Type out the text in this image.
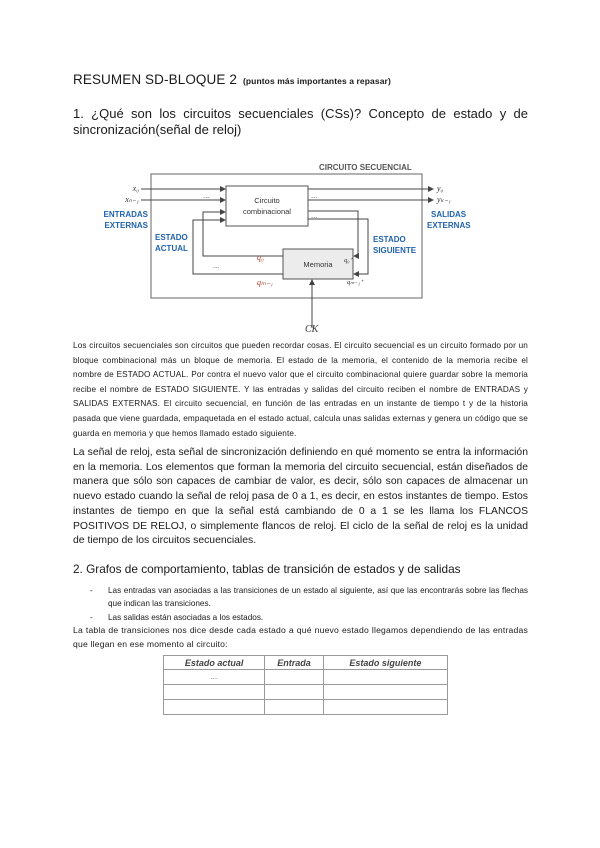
RESUMEN SD-BLOQUE 2 (puntos más importantes a repasar)
1. ¿Qué son los circuitos secuenciales (CSs)? Concepto de estado y de sincronización(señal de reloj)
CIRCUITO SECUENCIAL
Circuito
combinacional
Memoria
x₀
xₙ₋₁	...
ENTRADAS
EXTERNAS
...
y₀
yₖ₋₁
SALIDAS
EXTERNAS
...
q₀⁺
qₘ₋₁⁺
ESTADO
SIGUIENTE
q₀
qₘ₋₁
...
ESTADO
ACTUAL
CK
Los circuitos secuenciales son circuitos que pueden recordar cosas. El circuito secuencial es un circuito formado por un bloque combinacional más un bloque de memoria. El estado de la memoria, el contenido de la memoria recibe el nombre de ESTADO ACTUAL. Por contra el nuevo valor que el circuito combinacional quiere guardar sobre la memoria recibe el nombre de ESTADO SIGUIENTE. Y las entradas y salidas del circuito reciben el nombre de ENTRADAS y SALIDAS EXTERNAS. El circuito secuencial, en función de las entradas en un instante de tiempo t y de la historia pasada que viene guardada, empaquetada en el estado actual, calcula unas salidas externas y genera un código que se guarda en memoria y que hemos llamado estado siguiente.
La señal de reloj, esta señal de sincronización definiendo en qué momento se entra la información en la memoria. Los elementos que forman la memoria del circuito secuencial, están diseñados de manera que sólo son capaces de cambiar de valor, es decir, sólo son capaces de almacenar un nuevo estado cuando la señal de reloj pasa de 0 a 1, es decir, en estos instantes de tiempo. Estos instantes de tiempo en que la señal está cambiando de 0 a 1 se les llama los FLANCOS POSITIVOS DE RELOJ, o simplemente flancos de reloj. El ciclo de la señal de reloj es la unidad de tiempo de los circuitos secuenciales.
2. Grafos de comportamiento, tablas de transición de estados y de salidas
- Las entradas van asociadas a las transiciones de un estado al siguiente, así que las encontrarás sobre las flechas que indican las transiciones.
- Las salidas están asociadas a los estados.
La tabla de transiciones nos dice desde cada estado a qué nuevo estado llegamos dependiendo de las entradas que llegan en ese momento al circuito:
Estado actual	Entrada	Estado siguiente
....		
